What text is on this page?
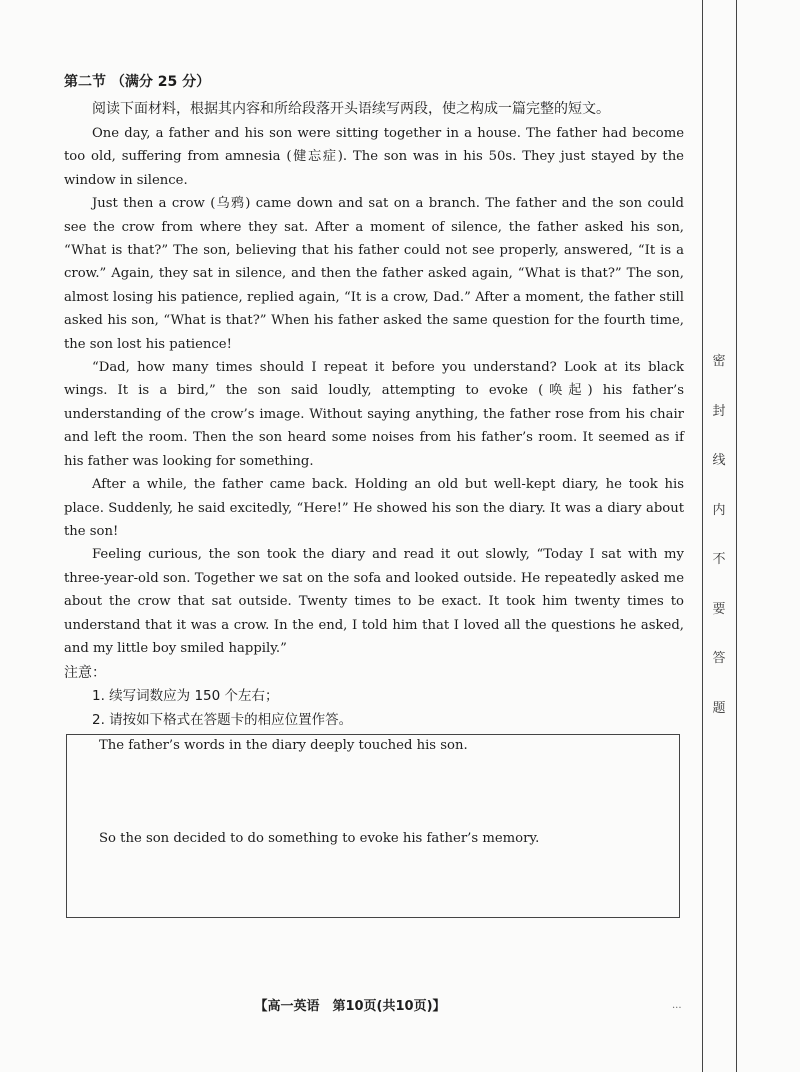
密
封
线
内
不
要
答
题

第二节 （满分 25 分）

阅读下面材料，根据其内容和所给段落开头语续写两段，使之构成一篇完整的短文。

One day, a father and his son were sitting together in a house. The father had become too old, suffering from amnesia (健忘症). The son was in his 50s. They just stayed by the window in silence.

Just then a crow (乌鸦) came down and sat on a branch. The father and the son could see the crow from where they sat. After a moment of silence, the father asked his son, “What is that?” The son, believing that his father could not see properly, answered, “It is a crow.” Again, they sat in silence, and then the father asked again, “What is that?” The son, almost losing his patience, replied again, “It is a crow, Dad.” After a moment, the father still asked his son, “What is that?” When his father asked the same question for the fourth time, the son lost his patience!

“Dad, how many times should I repeat it before you understand? Look at its black wings. It is a bird,” the son said loudly, attempting to evoke (唤起) his father’s understanding of the crow’s image. Without saying anything, the father rose from his chair and left the room. Then the son heard some noises from his father’s room. It seemed as if his father was looking for something.

After a while, the father came back. Holding an old but well-kept diary, he took his place. Suddenly, he said excitedly, “Here!” He showed his son the diary. It was a diary about the son!

Feeling curious, the son took the diary and read it out slowly, “Today I sat with my three-year-old son. Together we sat on the sofa and looked outside. He repeatedly asked me about the crow that sat outside. Twenty times to be exact. It took him twenty times to understand that it was a crow. In the end, I told him that I loved all the questions he asked, and my little boy smiled happily.”

注意：

1. 续写词数应为 150 个左右；

2. 请按如下格式在答题卡的相应位置作答。

The father’s words in the diary deeply touched his son.
So the son decided to do something to evoke his father’s memory.
【高一英语　第10页(共10页)】	...
